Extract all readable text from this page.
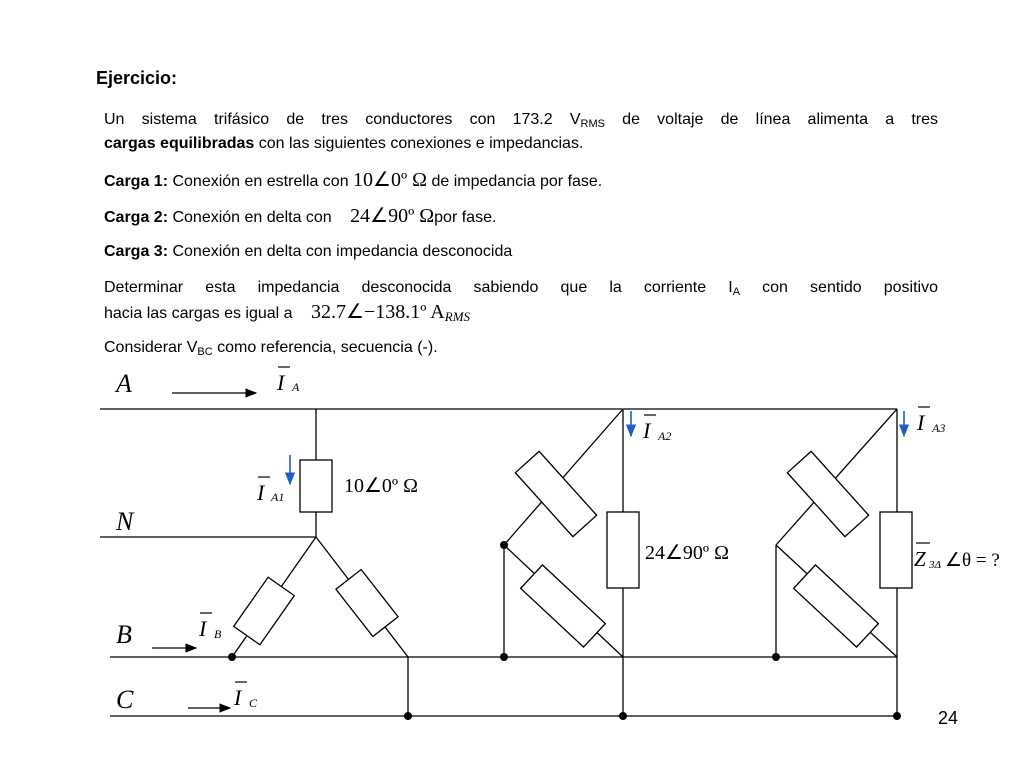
Ejercicio:
Un sistema trifásico de tres conductores con 173.2 $V_{RMS}$ de voltaje de línea alimenta a tres
cargas equilibradas con las siguientes conexiones e impedancias.
Carga 1: Conexión en estrella con 10∠0º Ω de impedancia por fase.
Carga 2: Conexión en delta con 24∠90º Ωpor fase.
Carga 3: Conexión en delta con impedancia desconocida
Determinar esta impedancia desconocida sabiendo que la corriente $I_A$ con sentido positivo
hacia las cargas es igual a 32.7∠−138.1º $A_{RMS}$
Considerar $V_{BC}$ como referencia, secuencia (-).
A
N
B
C
I A
I A1
I A2
I A3
I B
I C
10∠0º Ω
24∠90º Ω	Z 3Δ ∠θ = ?
24
